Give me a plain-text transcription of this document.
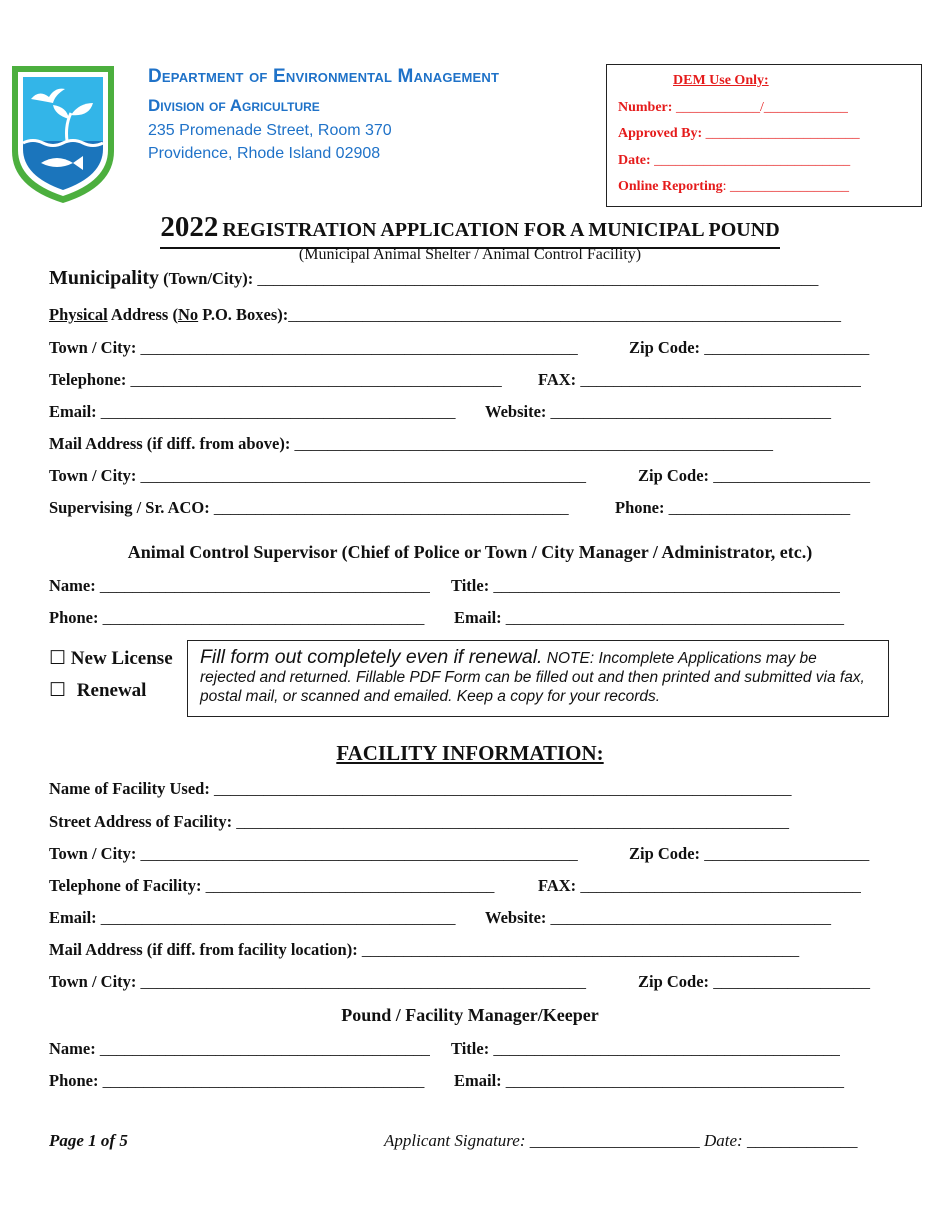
Department of Environmental Management
Division of Agriculture
235 Promenade Street, Room 370
Providence, Rhode Island 02908
DEM Use Only:
Number: ____________/____________
Approved By: ______________________
Date: ____________________________
Online Reporting: _________________
2022 REGISTRATION APPLICATION FOR A MUNICIPAL POUND
(Municipal Animal Shelter / Animal Control Facility)
Municipality (Town/City): ____________________________________________________________________
Physical Address (No P.O. Boxes):___________________________________________________________________
Town / City: _____________________________________________________	Zip Code: ____________________
Telephone: _____________________________________________ FAX: __________________________________
Email: ___________________________________________ Website: __________________________________
Mail Address (if diff. from above): __________________________________________________________
Town / City: ______________________________________________________	Zip Code: ___________________
Supervising / Sr. ACO: ___________________________________________	Phone: ______________________
Animal Control Supervisor (Chief of Police or Town / City Manager / Administrator, etc.)
Name: ________________________________________ Title: __________________________________________
Phone: _______________________________________ Email: _________________________________________
☐ New License
☐ Renewal
Fill form out completely even if renewal. NOTE: Incomplete Applications may be rejected and returned. Fillable PDF Form can be filled out and then printed and submitted via fax, postal mail, or scanned and emailed. Keep a copy for your records.
FACILITY INFORMATION:
Name of Facility Used: ______________________________________________________________________
Street Address of Facility: ___________________________________________________________________
Town / City: _____________________________________________________	Zip Code: ____________________
Telephone of Facility: ___________________________________	FAX: __________________________________
Email: ___________________________________________ Website: __________________________________
Mail Address (if diff. from facility location): _____________________________________________________
Town / City: ______________________________________________________	Zip Code: ___________________
Pound / Facility Manager/Keeper
Name: ________________________________________ Title: __________________________________________
Phone: _______________________________________ Email: _________________________________________
Page 1 of 5	Applicant Signature: ____________________ Date: _____________
